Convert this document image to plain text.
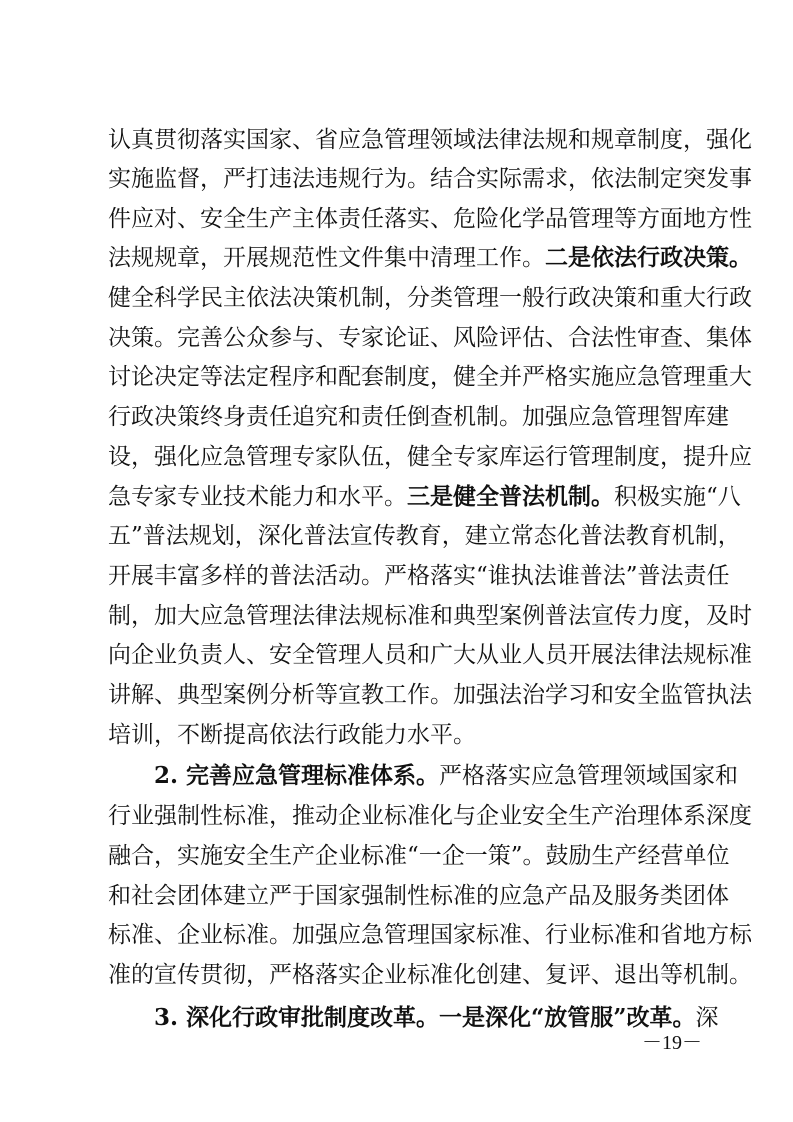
认真贯彻落实国家、省应急管理领域法律法规和规章制度，强化
实施监督，严打违法违规行为。结合实际需求，依法制定突发事
件应对、安全生产主体责任落实、危险化学品管理等方面地方性
法规规章，开展规范性文件集中清理工作。二是依法行政决策。
健全科学民主依法决策机制，分类管理一般行政决策和重大行政
决策。完善公众参与、专家论证、风险评估、合法性审查、集体
讨论决定等法定程序和配套制度，健全并严格实施应急管理重大
行政决策终身责任追究和责任倒查机制。加强应急管理智库建
设，强化应急管理专家队伍，健全专家库运行管理制度，提升应
急专家专业技术能力和水平。三是健全普法机制。积极实施“八
五”普法规划，深化普法宣传教育，建立常态化普法教育机制，
开展丰富多样的普法活动。严格落实“谁执法谁普法”普法责任
制，加大应急管理法律法规标准和典型案例普法宣传力度，及时
向企业负责人、安全管理人员和广大从业人员开展法律法规标准
讲解、典型案例分析等宣教工作。加强法治学习和安全监管执法
培训，不断提高依法行政能力水平。
2. 完善应急管理标准体系。严格落实应急管理领域国家和
行业强制性标准，推动企业标准化与企业安全生产治理体系深度
融合，实施安全生产企业标准“一企一策”。鼓励生产经营单位
和社会团体建立严于国家强制性标准的应急产品及服务类团体
标准、企业标准。加强应急管理国家标准、行业标准和省地方标
准的宣传贯彻，严格落实企业标准化创建、复评、退出等机制。
3. 深化行政审批制度改革。一是深化“放管服”改革。深
－19－
